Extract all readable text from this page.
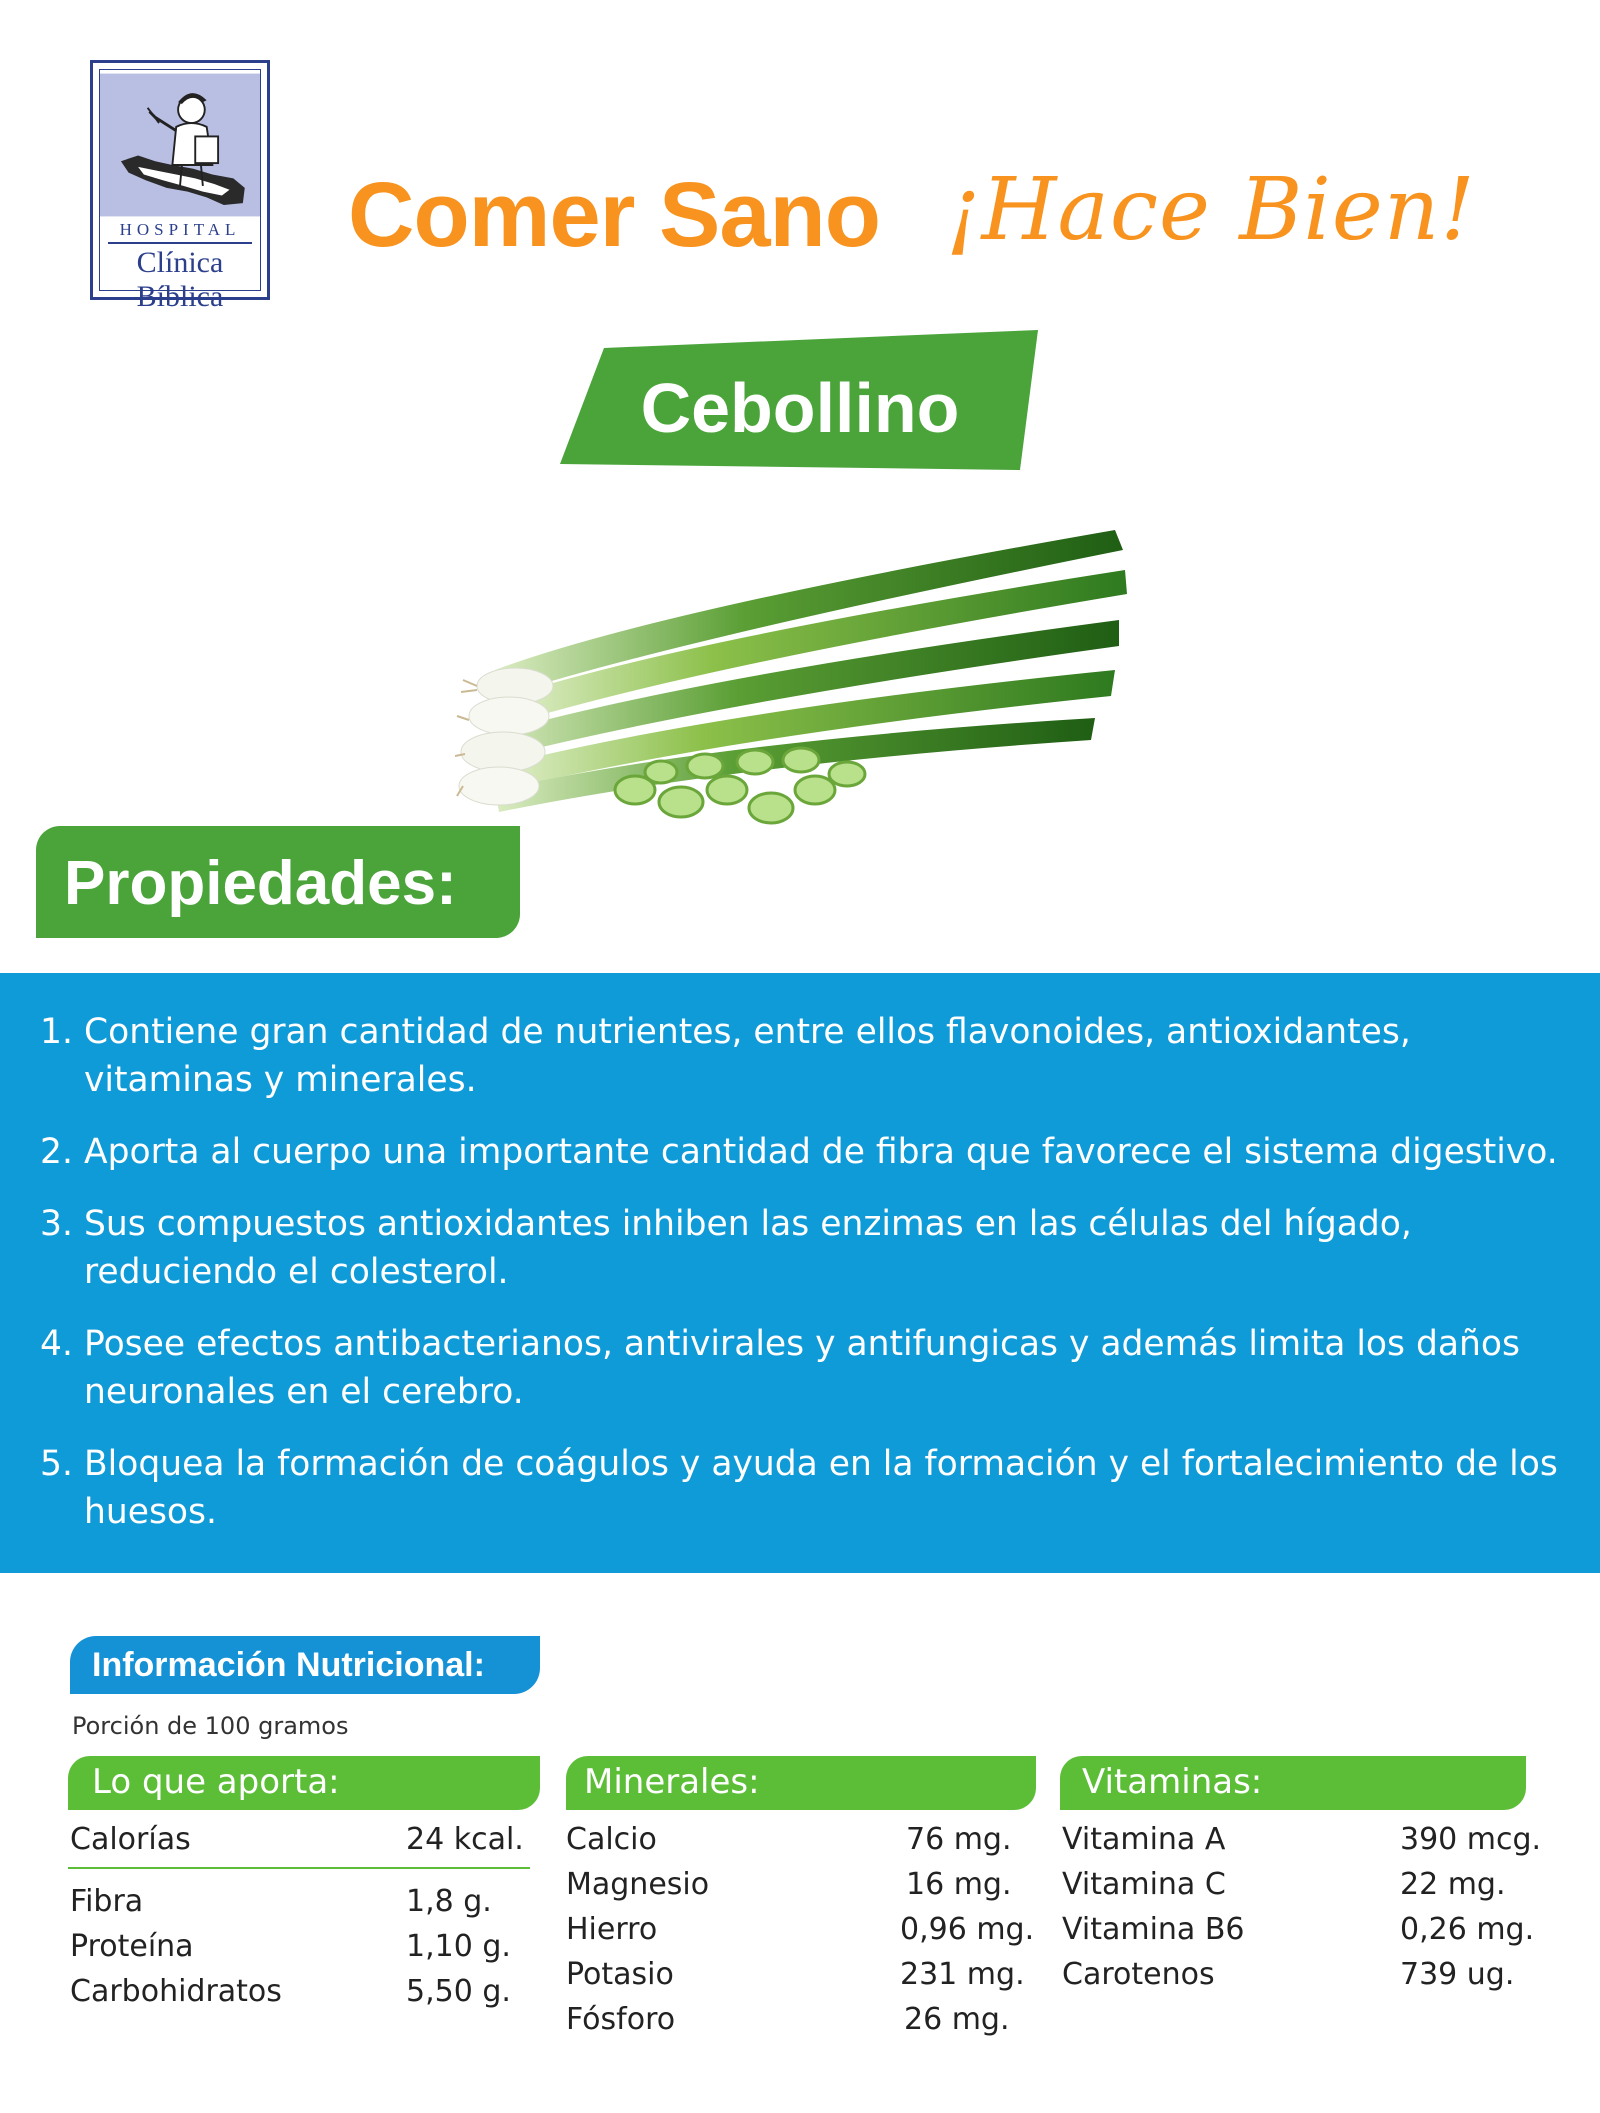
HOSPITAL
Clínica Bíblica
Comer Sano ¡Hace Bien!
Cebollino
Propiedades:
1. Contiene gran cantidad de nutrientes, entre ellos flavonoides, antioxidantes, vitaminas y minerales.
2. Aporta al cuerpo una importante cantidad de fibra que favorece el sistema digestivo.
3. Sus compuestos antioxidantes inhiben las enzimas en las células del hígado, reduciendo el colesterol.
4. Posee efectos antibacterianos, antivirales y antifungicas y además limita los daños neuronales en el cerebro.
5. Bloquea la formación de coágulos y ayuda en la formación y el fortalecimiento de los huesos.
Información Nutricional:
Porción de 100 gramos
Lo que aporta:
Calorías	24 kcal.
Fibra	1,8 g.
Proteína	1,10 g.
Carbohidratos	5,50 g.
Minerales:
Calcio	76 mg.
Magnesio	16 mg.
Hierro	0,96 mg.
Potasio	231 mg.
Fósforo	26 mg.
Vitaminas:
Vitamina A	390 mcg.
Vitamina C	22 mg.
Vitamina B6	0,26 mg.
Carotenos	739 ug.
